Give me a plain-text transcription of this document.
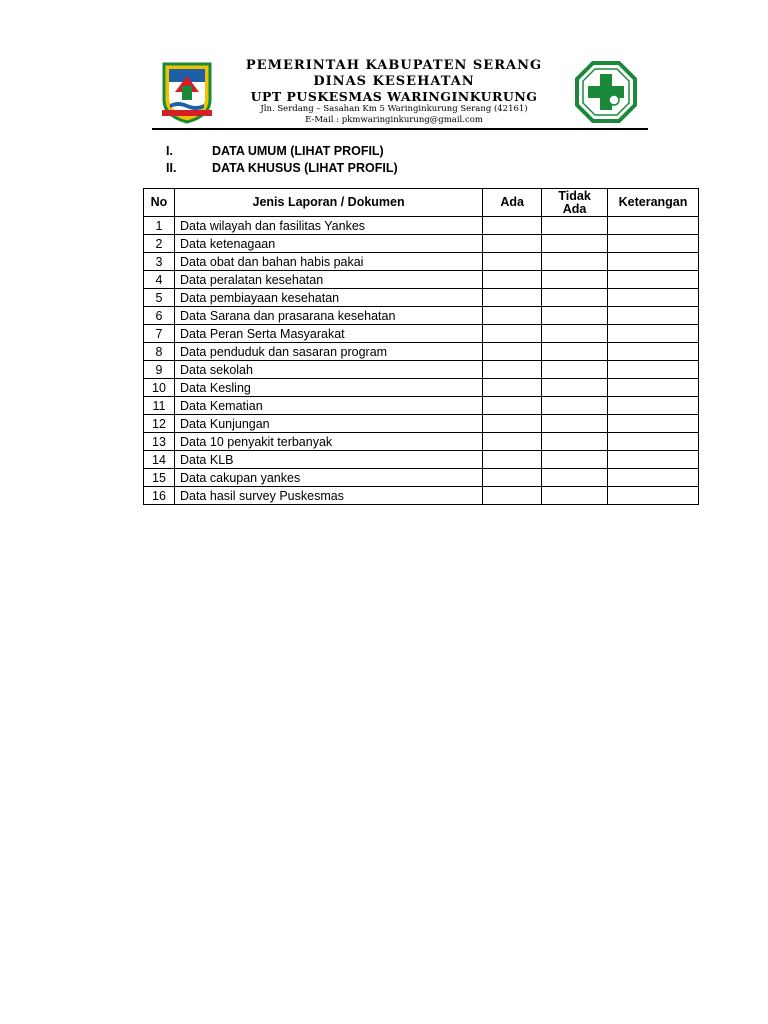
PEMERINTAH KABUPATEN SERANG
DINAS KESEHATAN
UPT PUSKESMAS WARINGINKURUNG
Jln. Serdang – Sasahan Km 5 Waringinkurung Serang (42161)
E-Mail : pkmwaringinkurung@gmail.com
I.	DATA UMUM (LIHAT PROFIL)
II.	DATA KHUSUS (LIHAT PROFIL)
No	Jenis Laporan / Dokumen	Ada	Tidak
Ada	Keterangan
1	Data wilayah dan fasilitas Yankes			
2	Data ketenagaan			
3	Data obat dan bahan habis pakai			
4	Data peralatan kesehatan			
5	Data pembiayaan kesehatan			
6	Data Sarana dan prasarana kesehatan			
7	Data Peran Serta Masyarakat			
8	Data penduduk dan sasaran program			
9	Data sekolah			
10	Data Kesling			
11	Data Kematian			
12	Data Kunjungan			
13	Data 10 penyakit terbanyak			
14	Data KLB			
15	Data cakupan yankes			
16	Data hasil survey Puskesmas			
